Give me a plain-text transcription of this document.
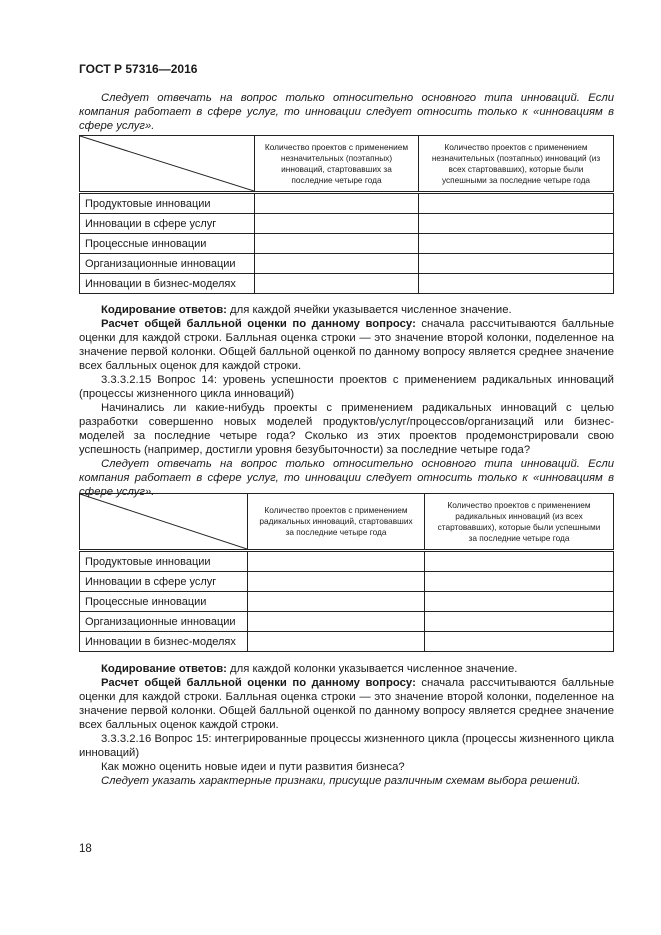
ГОСТ Р 57316—2016

Следует отвечать на вопрос только относительно основного типа инноваций. Если компания работает в сфере услуг, то инновации следует относить только к «инновациям в сфере услуг».

	Количество проектов с применением незначительных (поэтапных) инноваций, стартовавших за последние четыре года	Количество проектов с применением незначительных (поэтапных) инноваций (из всех стартовавших), которые были успешными за последние четыре года
Продуктовые инновации		
Инновации в сфере услуг		
Процессные инновации		
Организационные инновации		
Инновации в бизнес-моделях		

Кодирование ответов: для каждой ячейки указывается численное значение.

Расчет общей балльной оценки по данному вопросу: сначала рассчитываются балльные оценки для каждой строки. Балльная оценка строки — это значение второй колонки, поделенное на значение первой колонки. Общей балльной оценкой по данному вопросу является среднее значение всех балльных оценок для каждой строки.

3.3.3.2.15 Вопрос 14: уровень успешности проектов с применением радикальных инноваций (процессы жизненного цикла инноваций)

Начинались ли какие-нибудь проекты с применением радикальных инноваций с целью разработки совершенно новых моделей продуктов/услуг/процессов/организаций или бизнес-моделей за последние четыре года? Сколько из этих проектов продемонстрировали свою успешность (например, достигли уровня безубыточности) за последние четыре года?

Следует отвечать на вопрос только относительно основного типа инноваций. Если компания работает в сфере услуг, то инновации следует относить только к «инновациям в сфере услуг».

	Количество проектов с применением радикальных инноваций, стартовавших за последние четыре года	Количество проектов с применением радикальных инноваций (из всех стартовавших), которые были успешными за последние четыре года
Продуктовые инновации		
Инновации в сфере услуг		
Процессные инновации		
Организационные инновации		
Инновации в бизнес-моделях		

Кодирование ответов: для каждой колонки указывается численное значение.

Расчет общей балльной оценки по данному вопросу: сначала рассчитываются балльные оценки для каждой строки. Балльная оценка строки — это значение второй колонки, поделенное на значение первой колонки. Общей балльной оценкой по данному вопросу является среднее значение всех балльных оценок каждой строки.

3.3.3.2.16 Вопрос 15: интегрированные процессы жизненного цикла (процессы жизненного цикла инноваций)

Как можно оценить новые идеи и пути развития бизнеса?

Следует указать характерные признаки, присущие различным схемам выбора решений.

18
